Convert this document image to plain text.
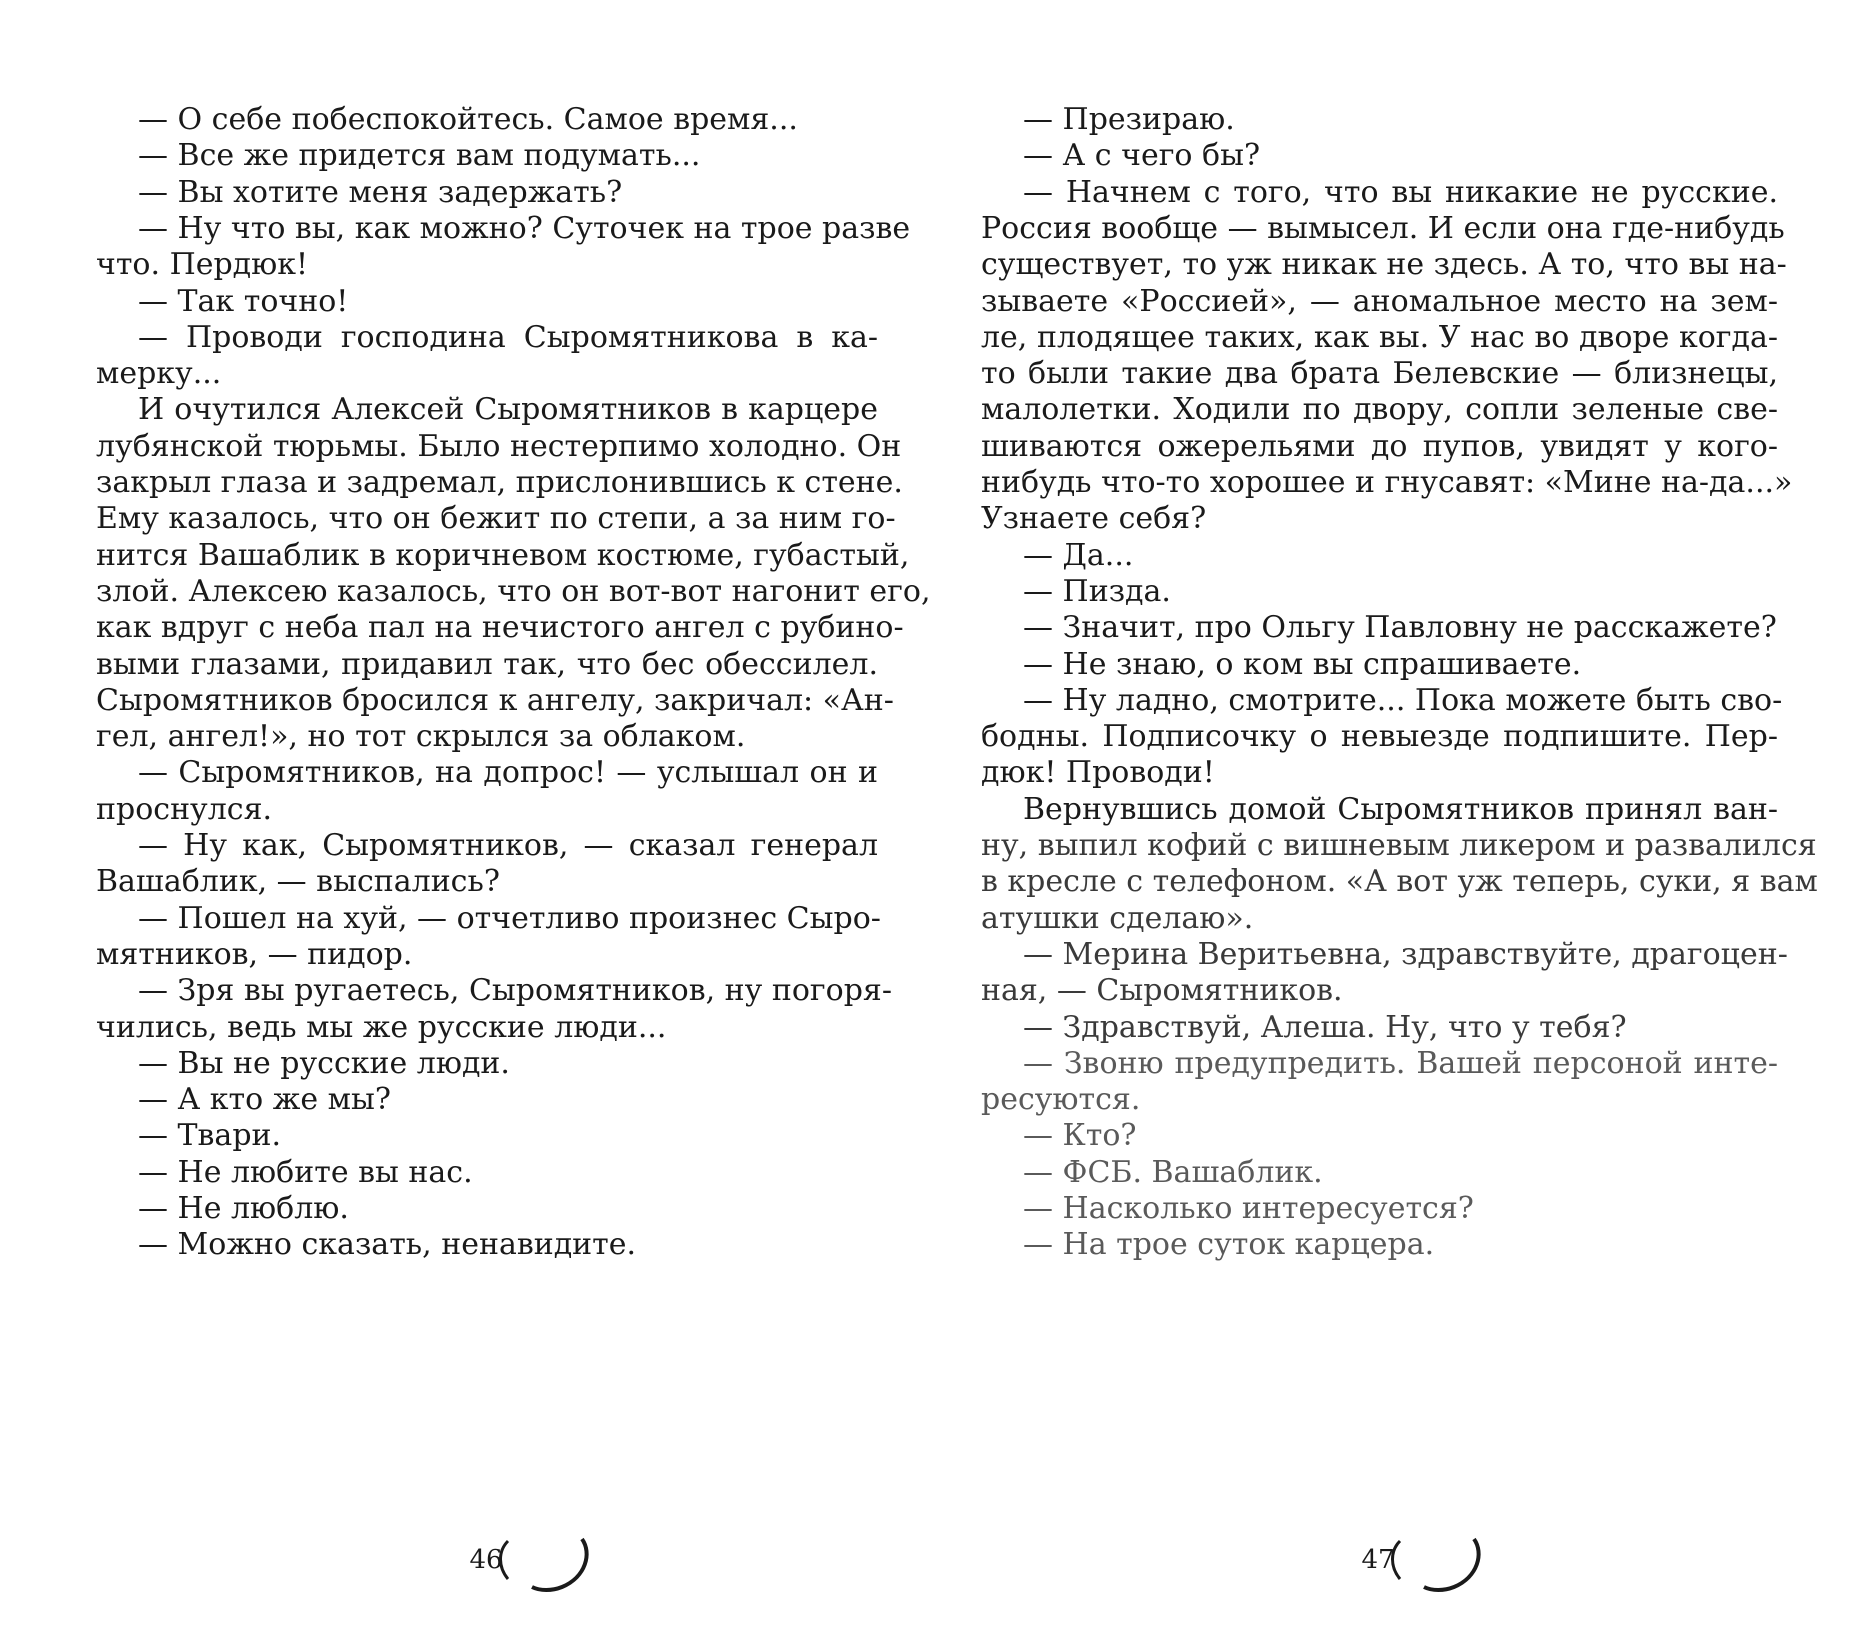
— О себе побеспокойтесь. Самое время...
— Все же придется вам подумать...
— Вы хотите меня задержать?
— Ну что вы, как можно? Суточек на трое разве
что. Пердюк!
— Так точно!
— Проводи господина Сыромятникова в ка-
мерку...
И очутился Алексей Сыромятников в карцере
лубянской тюрьмы. Было нестерпимо холодно. Он
закрыл глаза и задремал, прислонившись к стене.
Ему казалось, что он бежит по степи, а за ним го-
нится Вашаблик в коричневом костюме, губастый,
злой. Алексею казалось, что он вот-вот нагонит его,
как вдруг с неба пал на нечистого ангел с рубино-
выми глазами, придавил так, что бес обессилел.
Сыромятников бросился к ангелу, закричал: «Ан-
гел, ангел!», но тот скрылся за облаком.
— Сыромятников, на допрос! — услышал он и
проснулся.
— Ну как, Сыромятников, — сказал генерал
Вашаблик, — выспались?
— Пошел на хуй, — отчетливо произнес Сыро-
мятников, — пидор.
— Зря вы ругаетесь, Сыромятников, ну погоря-
чились, ведь мы же русские люди...
— Вы не русские люди.
— А кто же мы?
— Твари.
— Не любите вы нас.
— Не люблю.
— Можно сказать, ненавидите.
— Презираю.
— А с чего бы?
— Начнем с того, что вы никакие не русские.
Россия вообще — вымысел. И если она где-нибудь
существует, то уж никак не здесь. А то, что вы на-
зываете «Россией», — аномальное место на зем-
ле, плодящее таких, как вы. У нас во дворе когда-
то были такие два брата Белевские — близнецы,
малолетки. Ходили по двору, сопли зеленые све-
шиваются ожерельями до пупов, увидят у кого-
нибудь что-то хорошее и гнусавят: «Мине на-да...»
Узнаете себя?
— Да...
— Пизда.
— Значит, про Ольгу Павловну не расскажете?
— Не знаю, о ком вы спрашиваете.
— Ну ладно, смотрите... Пока можете быть сво-
бодны. Подписочку о невыезде подпишите. Пер-
дюк! Проводи!
Вернувшись домой Сыромятников принял ван-
ну, выпил кофий с вишневым ликером и развалился
в кресле с телефоном. «А вот уж теперь, суки, я вам
атушки сделаю».
— Мерина Веритьевна, здравствуйте, драгоцен-
ная, — Сыромятников.
— Здравствуй, Алеша. Ну, что у тебя?
— Звоню предупредить. Вашей персоной инте-
ресуются.
— Кто?
— ФСБ. Вашаблик.
— Насколько интересуется?
— На трое суток карцера.
46	47
